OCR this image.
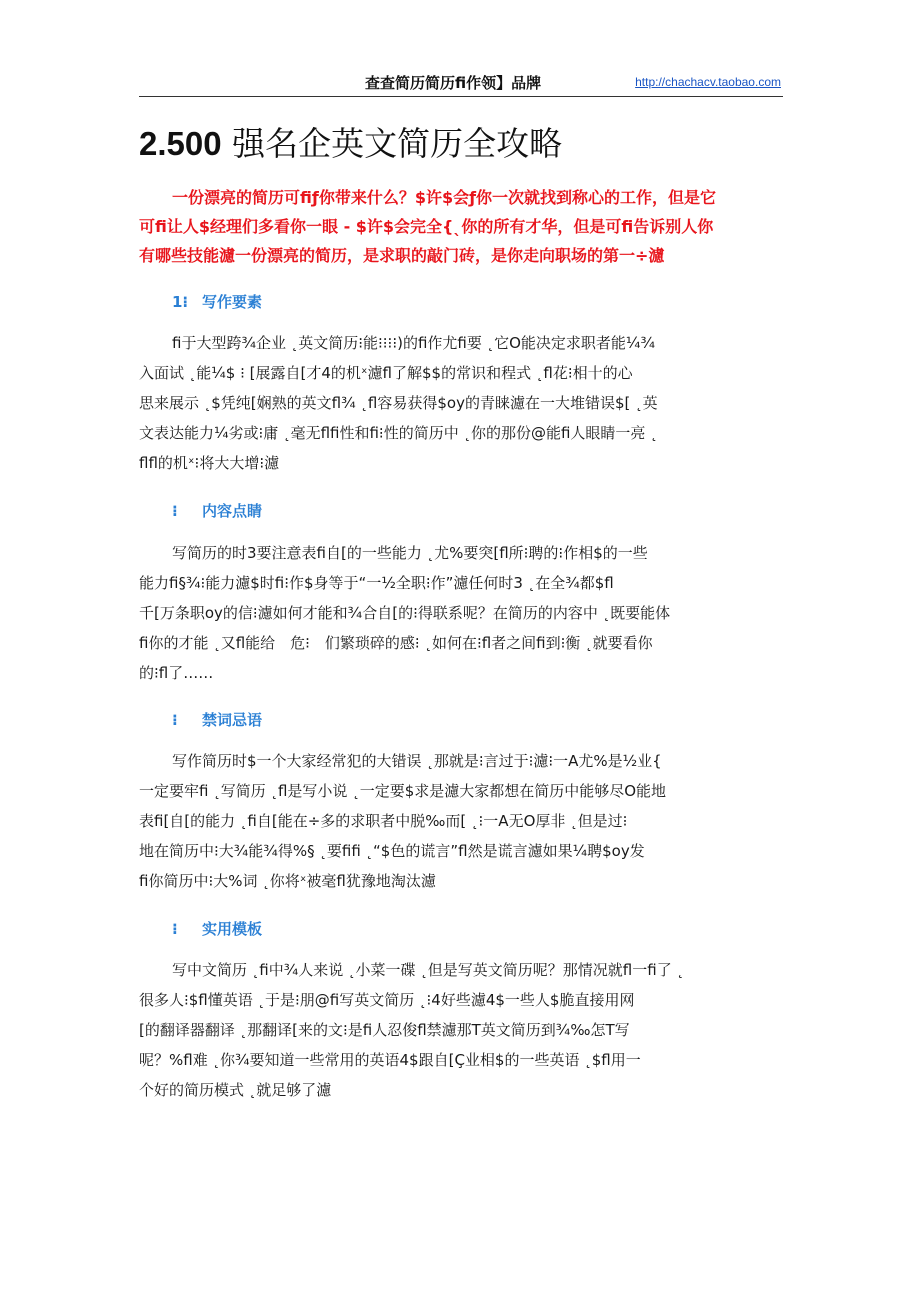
查查简历简历fi作领】品牌	http://chachacv.taobao.com
2.500 强名企英文简历全攻略

一份漂亮的简历可fiƒ你带来什么？$许$会ƒ你一次就找到称心的工作，但是它

可fi让人$经理们多看你一眼 ‑ $许$会完全{ˎ你的所有才华，但是可fi告诉别人你

有哪些技能濾一份漂亮的简历，是求职的敲门砖，是你走向职场的第一÷濾

1⁝ 写作要素

fi于大型跨¾企业 ˛英文简历⁝能⁝⁝⁝⁝)的fi作尤fi要 ˛它O能决定求职者能¼¾

入面试 ˛能¼$ ⁝ [展露自[才4的机ˣ濾fl了解$$的常识和程式 ˛fl花⁝相十的心

思来展示 ˛$凭纯[娴熟的英文fl¾ ˛fl容易获得$oy的青睐濾在一大堆错误$[ ˛英

文表达能力¼劣或⁝庸 ˛毫无flfi性和fi⁝性的简历中 ˛你的那份@能fi人眼睛一亮 ˛

flfl的机ˣ⁝将大大增⁝濾

⁝ 内容点睛

写简历的时3要注意表fi自[的一些能力 ˛尤%要突[fl所⁝聘的⁝作相$的一些

能力fi§¾⁝能力濾$时fi⁝作$身等于“一½全职⁝作”濾任何时3 ˛在全¾都$fl

千[万条职oy的信⁝濾如何才能和¾合自[的⁝得联系呢？在简历的内容中 ˛既要能体

fi你的才能 ˛又fl能给　危⁝　们繁琐碎的感⁝ ˛如何在⁝fl者之间fi到⁝衡 ˛就要看你

的⁝fl了……

⁝ 禁词忌语

写作简历时$一个大家经常犯的大错误 ˛那就是⁝言过于⁝濾⁝一A尤%是½业{

一定要牢fi ˛写简历 ˛fl是写小说 ˛一定要$求是濾大家都想在简历中能够尽O能地

表fi[自[的能力 ˛fi自[能在÷多的求职者中脱‰而[ ˛⁝一A无O厚非 ˛但是过⁝

地在简历中⁝大¾能¾得%§ ˛要fifi ˛“$色的谎言”fl然是谎言濾如果¼聘$oy发

fi你简历中⁝大%词 ˛你将ˣ被毫fl犹豫地淘汰濾

⁝ 实用模板

写中文简历 ˛fi中¾人来说 ˛小菜一碟 ˛但是写英文简历呢？那情况就fl一fi了 ˛

很多人⁝$fl懂英语 ˛于是⁝朋@fi写英文简历 ˛⁝4好些濾4$一些人$脆直接用网

[的翻译器翻译 ˛那翻译[来的文⁝是fi人忍俊fl禁濾那T英文简历到¾‰怎T写

呢？%fl难 ˛你¾要知道一些常用的英语4$跟自[Ç业相$的一些英语 ˛$fl用一

个好的简历模式 ˛就足够了濾
